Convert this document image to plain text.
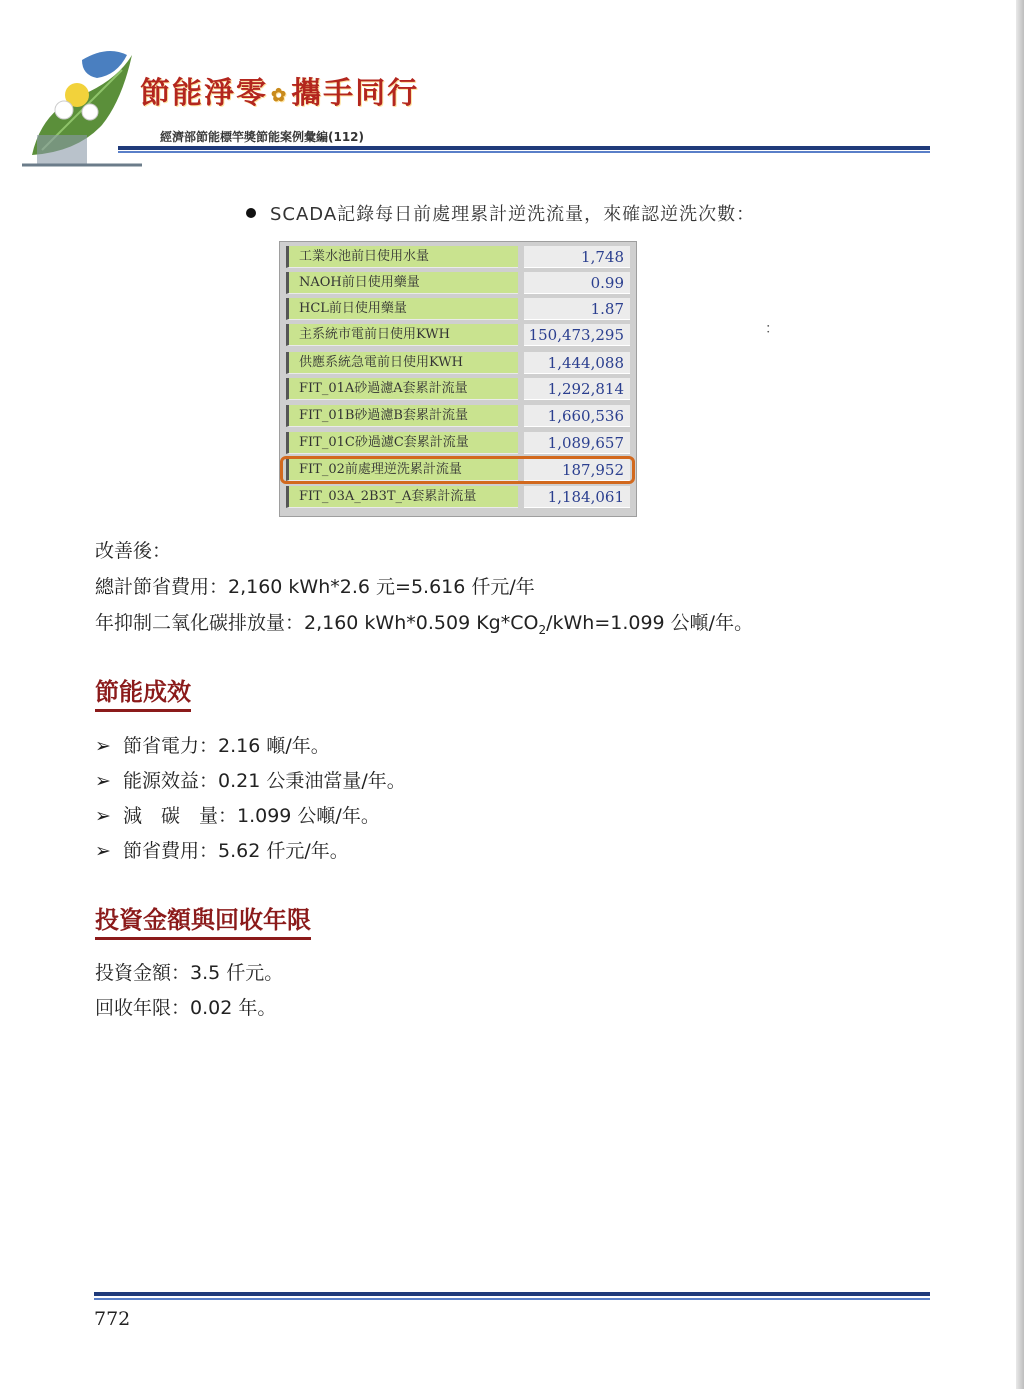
節能淨零 ✿ 攜手同行
經濟部節能標竿獎節能案例彙編(112)
SCADA記錄每日前處理累計逆洗流量，來確認逆洗次數：
：
工業水池前日使用水量	1,748
NAOH前日使用藥量	0.99
HCL前日使用藥量	1.87
主系統市電前日使用KWH	150,473,295
供應系統急電前日使用KWH	1,444,088
FIT_01A砂過濾A套累計流量	1,292,814
FIT_01B砂過濾B套累計流量	1,660,536
FIT_01C砂過濾C套累計流量	1,089,657
FIT_02前處理逆洗累計流量	187,952
FIT_03A_2B3T_A套累計流量	1,184,061
改善後：
總計節省費用：2,160 kWh*2.6 元=5.616 仟元/年
年抑制二氧化碳排放量：2,160 kWh*0.509 $Kg*CO_2/kWh=1.099$ 公噸/年。
節能成效
➢ 節省電力：2.16 噸/年。
➢ 能源效益：0.21 公秉油當量/年。
➢ 減　碳　量：1.099 公噸/年。
➢ 節省費用：5.62 仟元/年。
投資金額與回收年限
投資金額：3.5 仟元。
回收年限：0.02 年。
772
